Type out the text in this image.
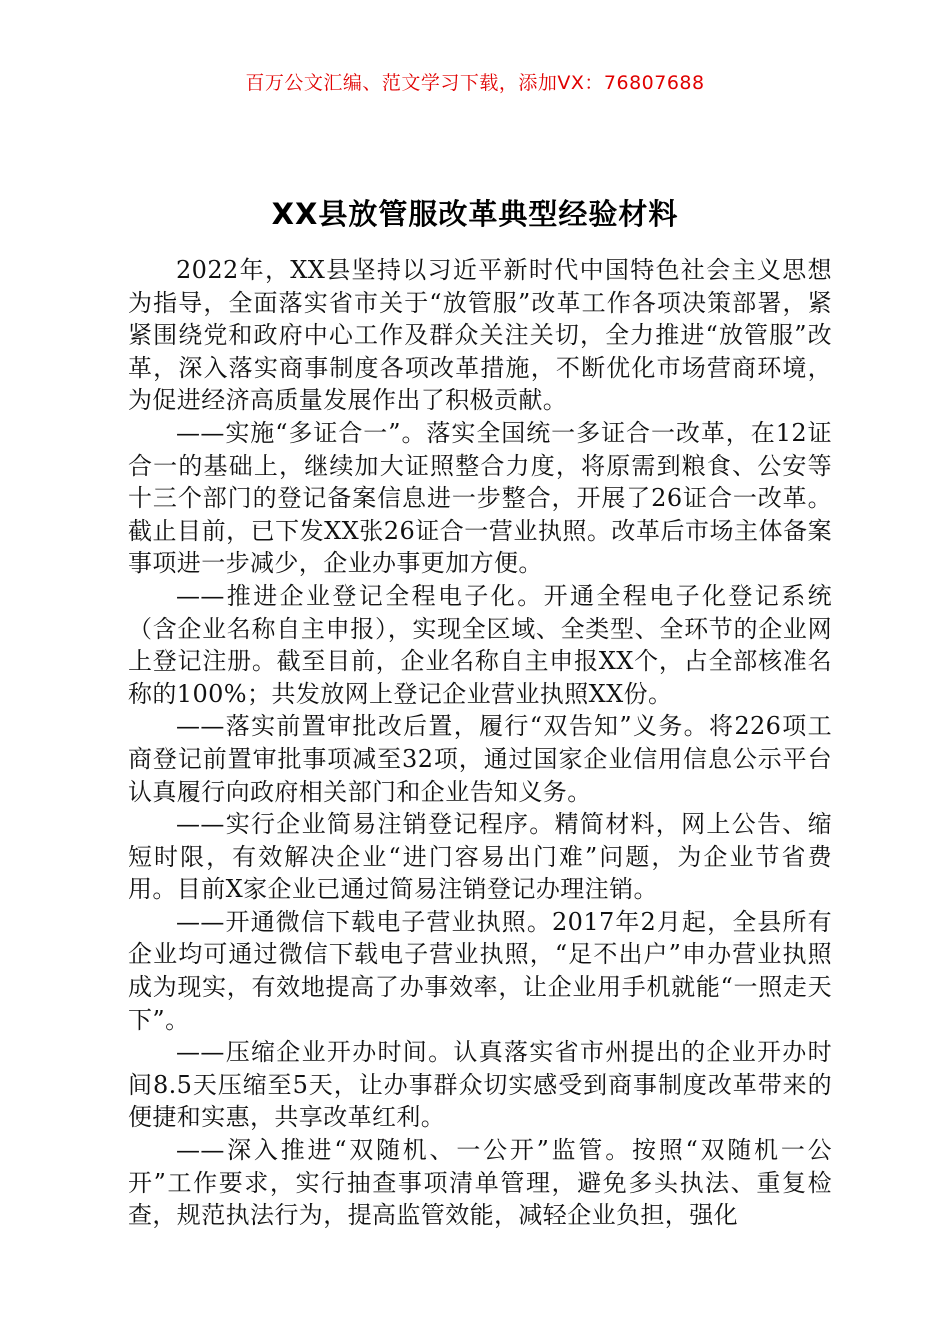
百万公文汇编、范文学习下载，添加VX：76807688
XX县放管服改革典型经验材料

2022年，XX县坚持以习近平新时代中国特色社会主义思想为指导，全面落实省市关于“放管服”改革工作各项决策部署，紧紧围绕党和政府中心工作及群众关注关切，全力推进“放管服”改革，深入落实商事制度各项改革措施，不断优化市场营商环境，为促进经济高质量发展作出了积极贡献。

——实施“多证合一”。落实全国统一多证合一改革，在12证合一的基础上，继续加大证照整合力度，将原需到粮食、公安等十三个部门的登记备案信息进一步整合，开展了26证合一改革。截止目前，已下发XX张26证合一营业执照。改革后市场主体备案事项进一步减少，企业办事更加方便。

——推进企业登记全程电子化。开通全程电子化登记系统（含企业名称自主申报），实现全区域、全类型、全环节的企业网上登记注册。截至目前，企业名称自主申报XX个，占全部核准名称的100%；共发放网上登记企业营业执照XX份。

——落实前置审批改后置，履行“双告知”义务。将226项工商登记前置审批事项减至32项，通过国家企业信用信息公示平台认真履行向政府相关部门和企业告知义务。

——实行企业简易注销登记程序。精简材料，网上公告、缩短时限，有效解决企业“进门容易出门难”问题，为企业节省费用。目前X家企业已通过简易注销登记办理注销。

——开通微信下载电子营业执照。2017年2月起，全县所有企业均可通过微信下载电子营业执照，“足不出户”申办营业执照成为现实，有效地提高了办事效率，让企业用手机就能“一照走天下”。

——压缩企业开办时间。认真落实省市州提出的企业开办时间8.5天压缩至5天，让办事群众切实感受到商事制度改革带来的便捷和实惠，共享改革红利。

——深入推进“双随机、一公开”监管。按照“双随机一公开”工作要求，实行抽查事项清单管理，避免多头执法、重复检查，规范执法行为，提高监管效能，减轻企业负担，强化
